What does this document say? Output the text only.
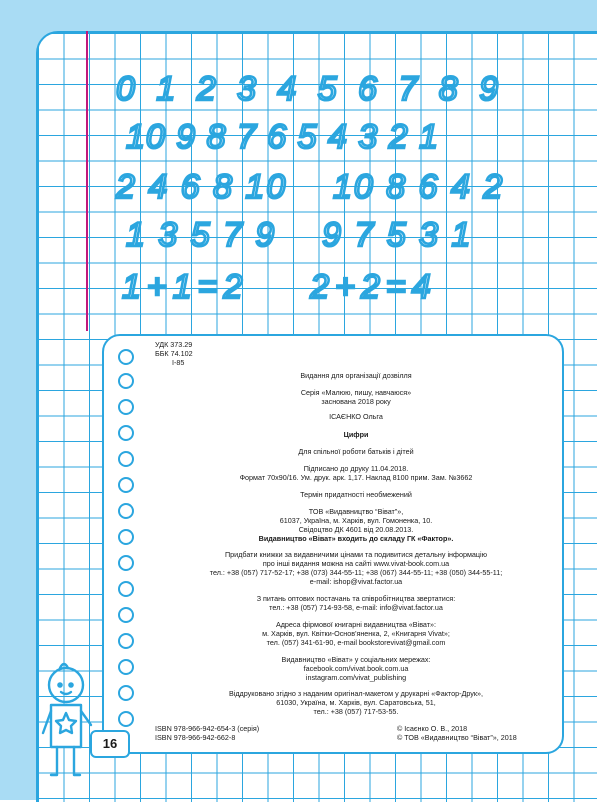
0 1 2 3 4 5 6 7 8 9
10 9 8 7 6 5 4 3 2 1
2 4 6 8 10    10 8 6 4 2
1 3 5 7 9    9 7 5 3 1
1+1=2    2+2=4
УДК 373.29
ББК 74.102
І-85
Видання для організації дозвілля
Серія «Малюю, пишу, навчаюся»
заснована 2018 року
ІСАЄНКО Ольга
Цифри
Для спільної роботи батьків і дітей
Підписано до друку 11.04.2018.
Формат 70х90/16. Ум. друк. арк. 1,17. Наклад 8100 прим. Зам. №3662
Термін придатності необмежений
ТОВ «Видавництво “Віват”»,
61037, Україна, м. Харків, вул. Гомоненка, 10.
Свідоцтво ДК 4601 від 20.08.2013.
Видавництво «Віват» входить до складу ГК «Фактор».
Придбати книжки за видавничими цінами та подивитися детальну інформацію
про інші видання можна на сайті www.vivat-book.com.ua
тел.: +38 (057) 717-52-17; +38 (073) 344-55-11; +38 (067) 344-55-11; +38 (050) 344-55-11;
e-mail: ishop@vivat.factor.ua
З питань оптових постачань та співробітництва звертатися:
тел.: +38 (057) 714-93-58, e-mail: info@vivat.factor.ua
Адреса фірмової книгарні видавництва «Віват»:
м. Харків, вул. Квітки-Основ'яненка, 2, «Книгарня Vivat»;
тел. (057) 341-61-90, e-mail bookstorevivat@gmail.com
Видавництво «Віват» у соціальних мережах:
facebook.com/vivat.book.com.ua
instagram.com/vivat_publishing
Віддруковано згідно з наданим оригінал-макетом у друкарні «Фактор-Друк»,
61030, Україна, м. Харків, вул. Саратовська, 51,
тел.: +38 (057) 717-53-55.
ISBN 978-966-942-654-3 (серія)
ISBN 978-966-942-662-8
© Ісаєнко О. В., 2018
© ТОВ «Видавництво “Віват”», 2018
16
